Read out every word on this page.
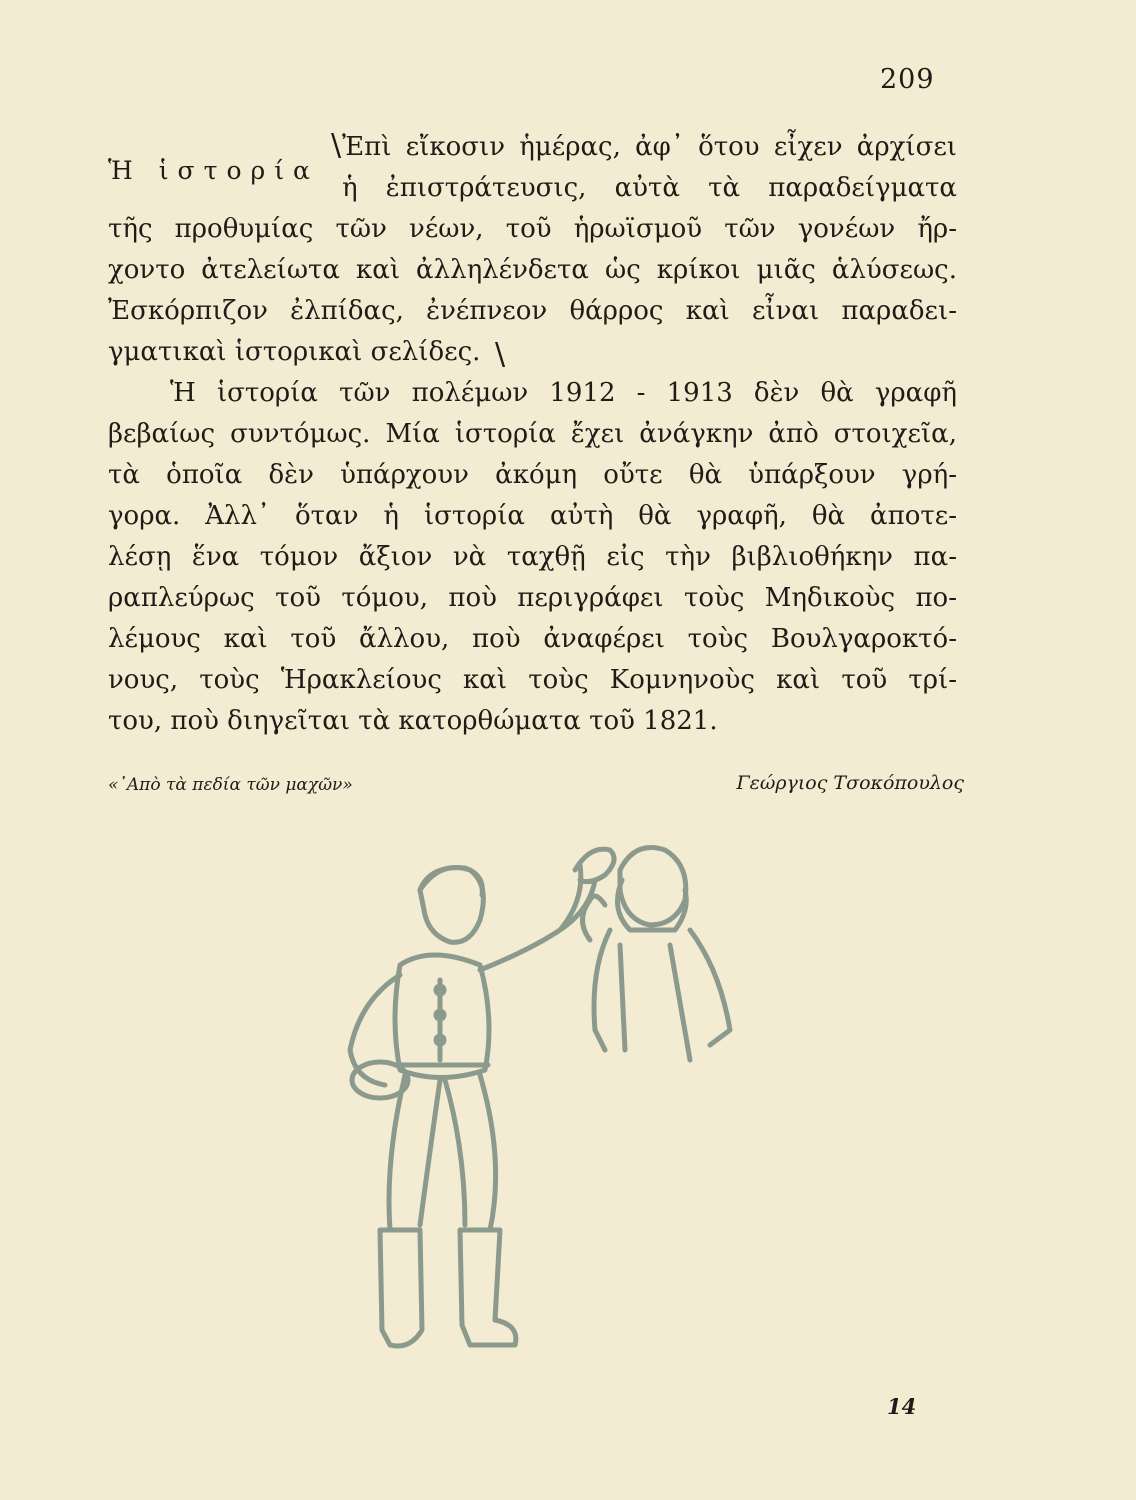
209
Ἡ ἱστορία
\ Ἐπὶ εἴκοσιν ἡμέρας, ἀφ᾽ ὅτου εἶχεν ἀρχίσει
ἡ ἐπιστράτευσις, αὐτὰ τὰ παραδείγματα
τῆς προθυμίας τῶν νέων, τοῦ ἡρωϊσμοῦ τῶν γονέων ἤρ-
χοντο ἀτελείωτα καὶ ἀλληλένδετα ὡς κρίκοι μιᾶς ἁλύσεως.
Ἐσκόρπιζον ἐλπίδας, ἐνέπνεον θάρρος καὶ εἶναι παραδει-
γματικαὶ ἱστορικαὶ σελίδες. \
Ἡ ἱστορία τῶν πολέμων 1912 - 1913 δὲν θὰ γραφῆ
βεβαίως συντόμως. Μία ἱστορία ἔχει ἀνάγκην ἀπὸ στοιχεῖα,
τὰ ὁποῖα δὲν ὑπάρχουν ἀκόμη οὔτε θὰ ὑπάρξουν γρή-
γορα. Ἀλλ᾽ ὅταν ἡ ἱστορία αὐτὴ θὰ γραφῆ, θὰ ἀποτε-
λέσῃ ἕνα τόμον ἄξιον νὰ ταχθῇ εἰς τὴν βιβλιοθήκην πα-
ραπλεύρως τοῦ τόμου, ποὺ περιγράφει τοὺς Μηδικοὺς πο-
λέμους καὶ τοῦ ἄλλου, ποὺ ἀναφέρει τοὺς Βουλγαροκτό-
νους, τοὺς Ἡρακλείους καὶ τοὺς Κομνηνοὺς καὶ τοῦ τρί-
του, ποὺ διηγεῖται τὰ κατορθώματα τοῦ 1821.
«᾽Απὸ τὰ πεδία τῶν μαχῶν»	Γεώργιος Τσοκόπουλος
14
